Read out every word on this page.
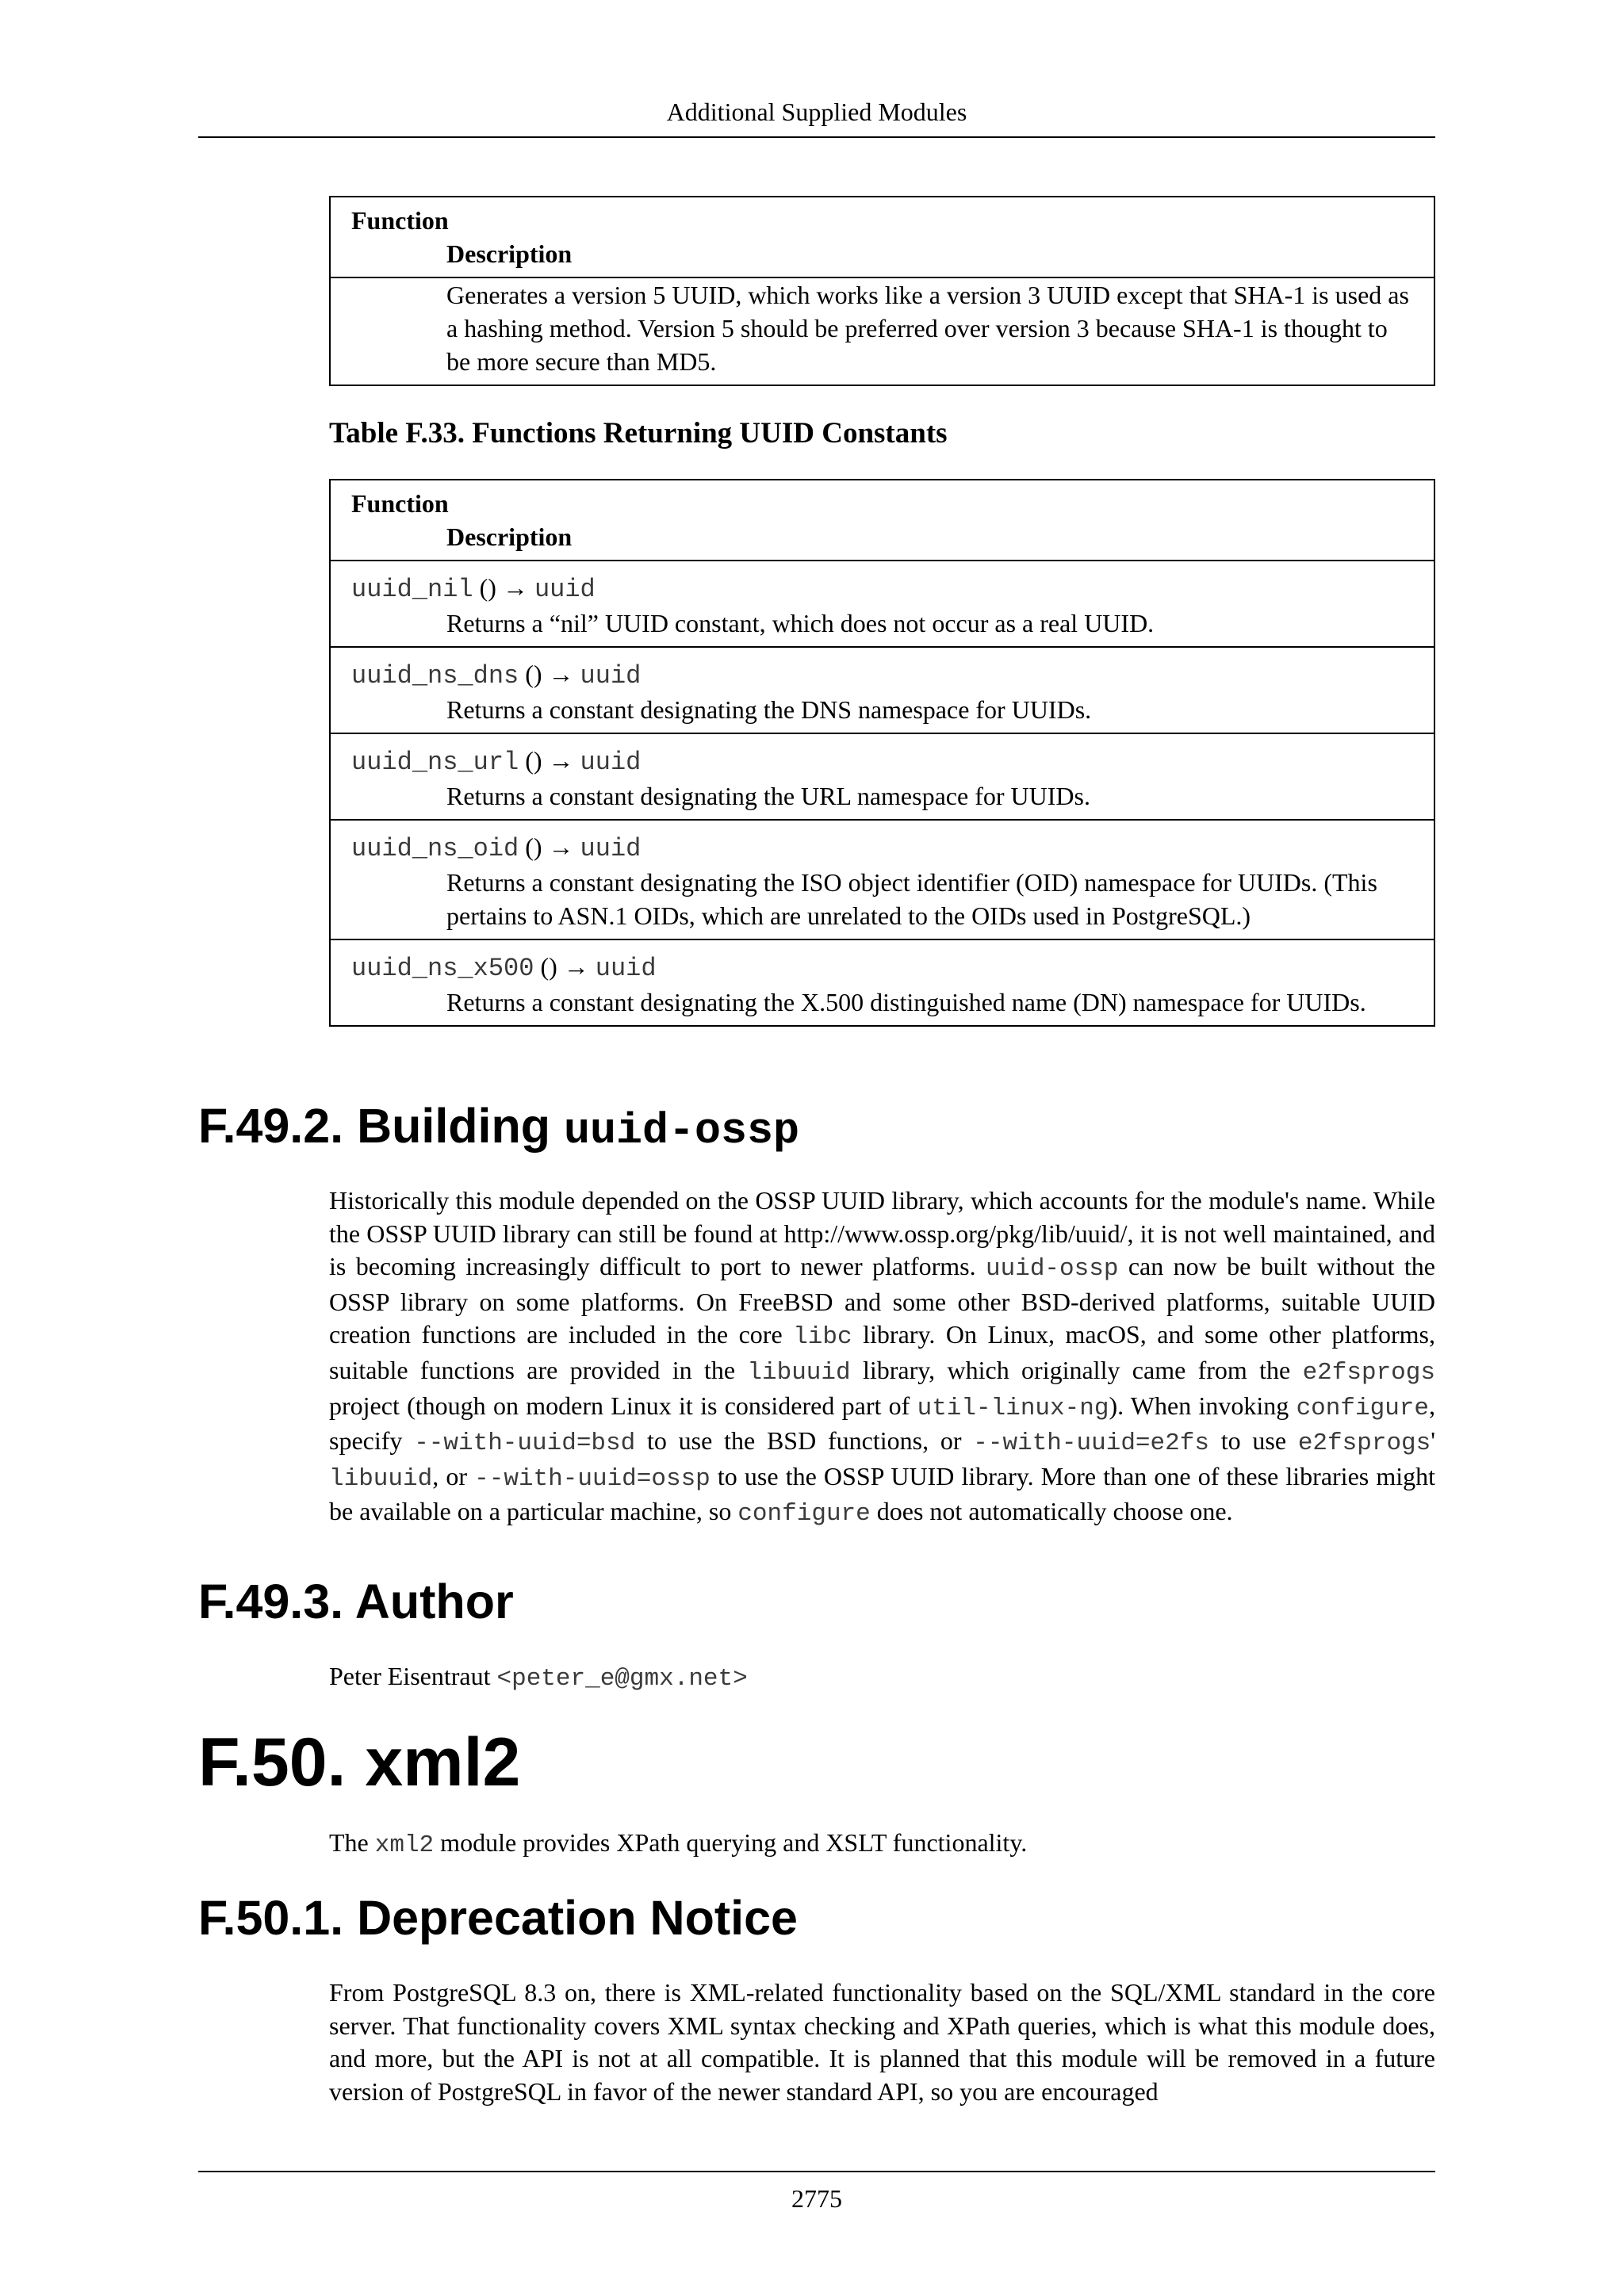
Additional Supplied Modules
Function
Description
Generates a version 5 UUID, which works like a version 3 UUID except that SHA-1 is used as a hashing method. Version 5 should be preferred over version 3 because SHA-1 is thought to be more secure than MD5.
Table F.33. Functions Returning UUID Constants
Function
Description
uuid_nil () → uuid
Returns a “nil” UUID constant, which does not occur as a real UUID.
uuid_ns_dns () → uuid
Returns a constant designating the DNS namespace for UUIDs.
uuid_ns_url () → uuid
Returns a constant designating the URL namespace for UUIDs.
uuid_ns_oid () → uuid
Returns a constant designating the ISO object identifier (OID) namespace for UUIDs. (This pertains to ASN.1 OIDs, which are unrelated to the OIDs used in PostgreSQL.)
uuid_ns_x500 () → uuid
Returns a constant designating the X.500 distinguished name (DN) namespace for UUIDs.
F.49.2. Building uuid-ossp
Historically this module depended on the OSSP UUID library, which accounts for the module's name. While the OSSP UUID library can still be found at http://www.ossp.org/pkg/lib/uuid/, it is not well maintained, and is becoming increasingly difficult to port to newer platforms. uuid-ossp can now be built without the OSSP library on some platforms. On FreeBSD and some other BSD-derived platforms, suitable UUID creation functions are included in the core libc library. On Linux, macOS, and some other platforms, suitable functions are provided in the libuuid library, which originally came from the e2fsprogs project (though on modern Linux it is considered part of util-linux-ng). When invoking configure, specify --with-uuid=bsd to use the BSD functions, or --with-uuid=e2fs to use e2fsprogs' libuuid, or --with-uuid=ossp to use the OSSP UUID library. More than one of these libraries might be available on a particular machine, so configure does not automatically choose one.
F.49.3. Author
Peter Eisentraut <peter_e@gmx.net>
F.50. xml2
The xml2 module provides XPath querying and XSLT functionality.
F.50.1. Deprecation Notice
From PostgreSQL 8.3 on, there is XML-related functionality based on the SQL/XML standard in the core server. That functionality covers XML syntax checking and XPath queries, which is what this module does, and more, but the API is not at all compatible. It is planned that this module will be removed in a future version of PostgreSQL in favor of the newer standard API, so you are encouraged
2775
